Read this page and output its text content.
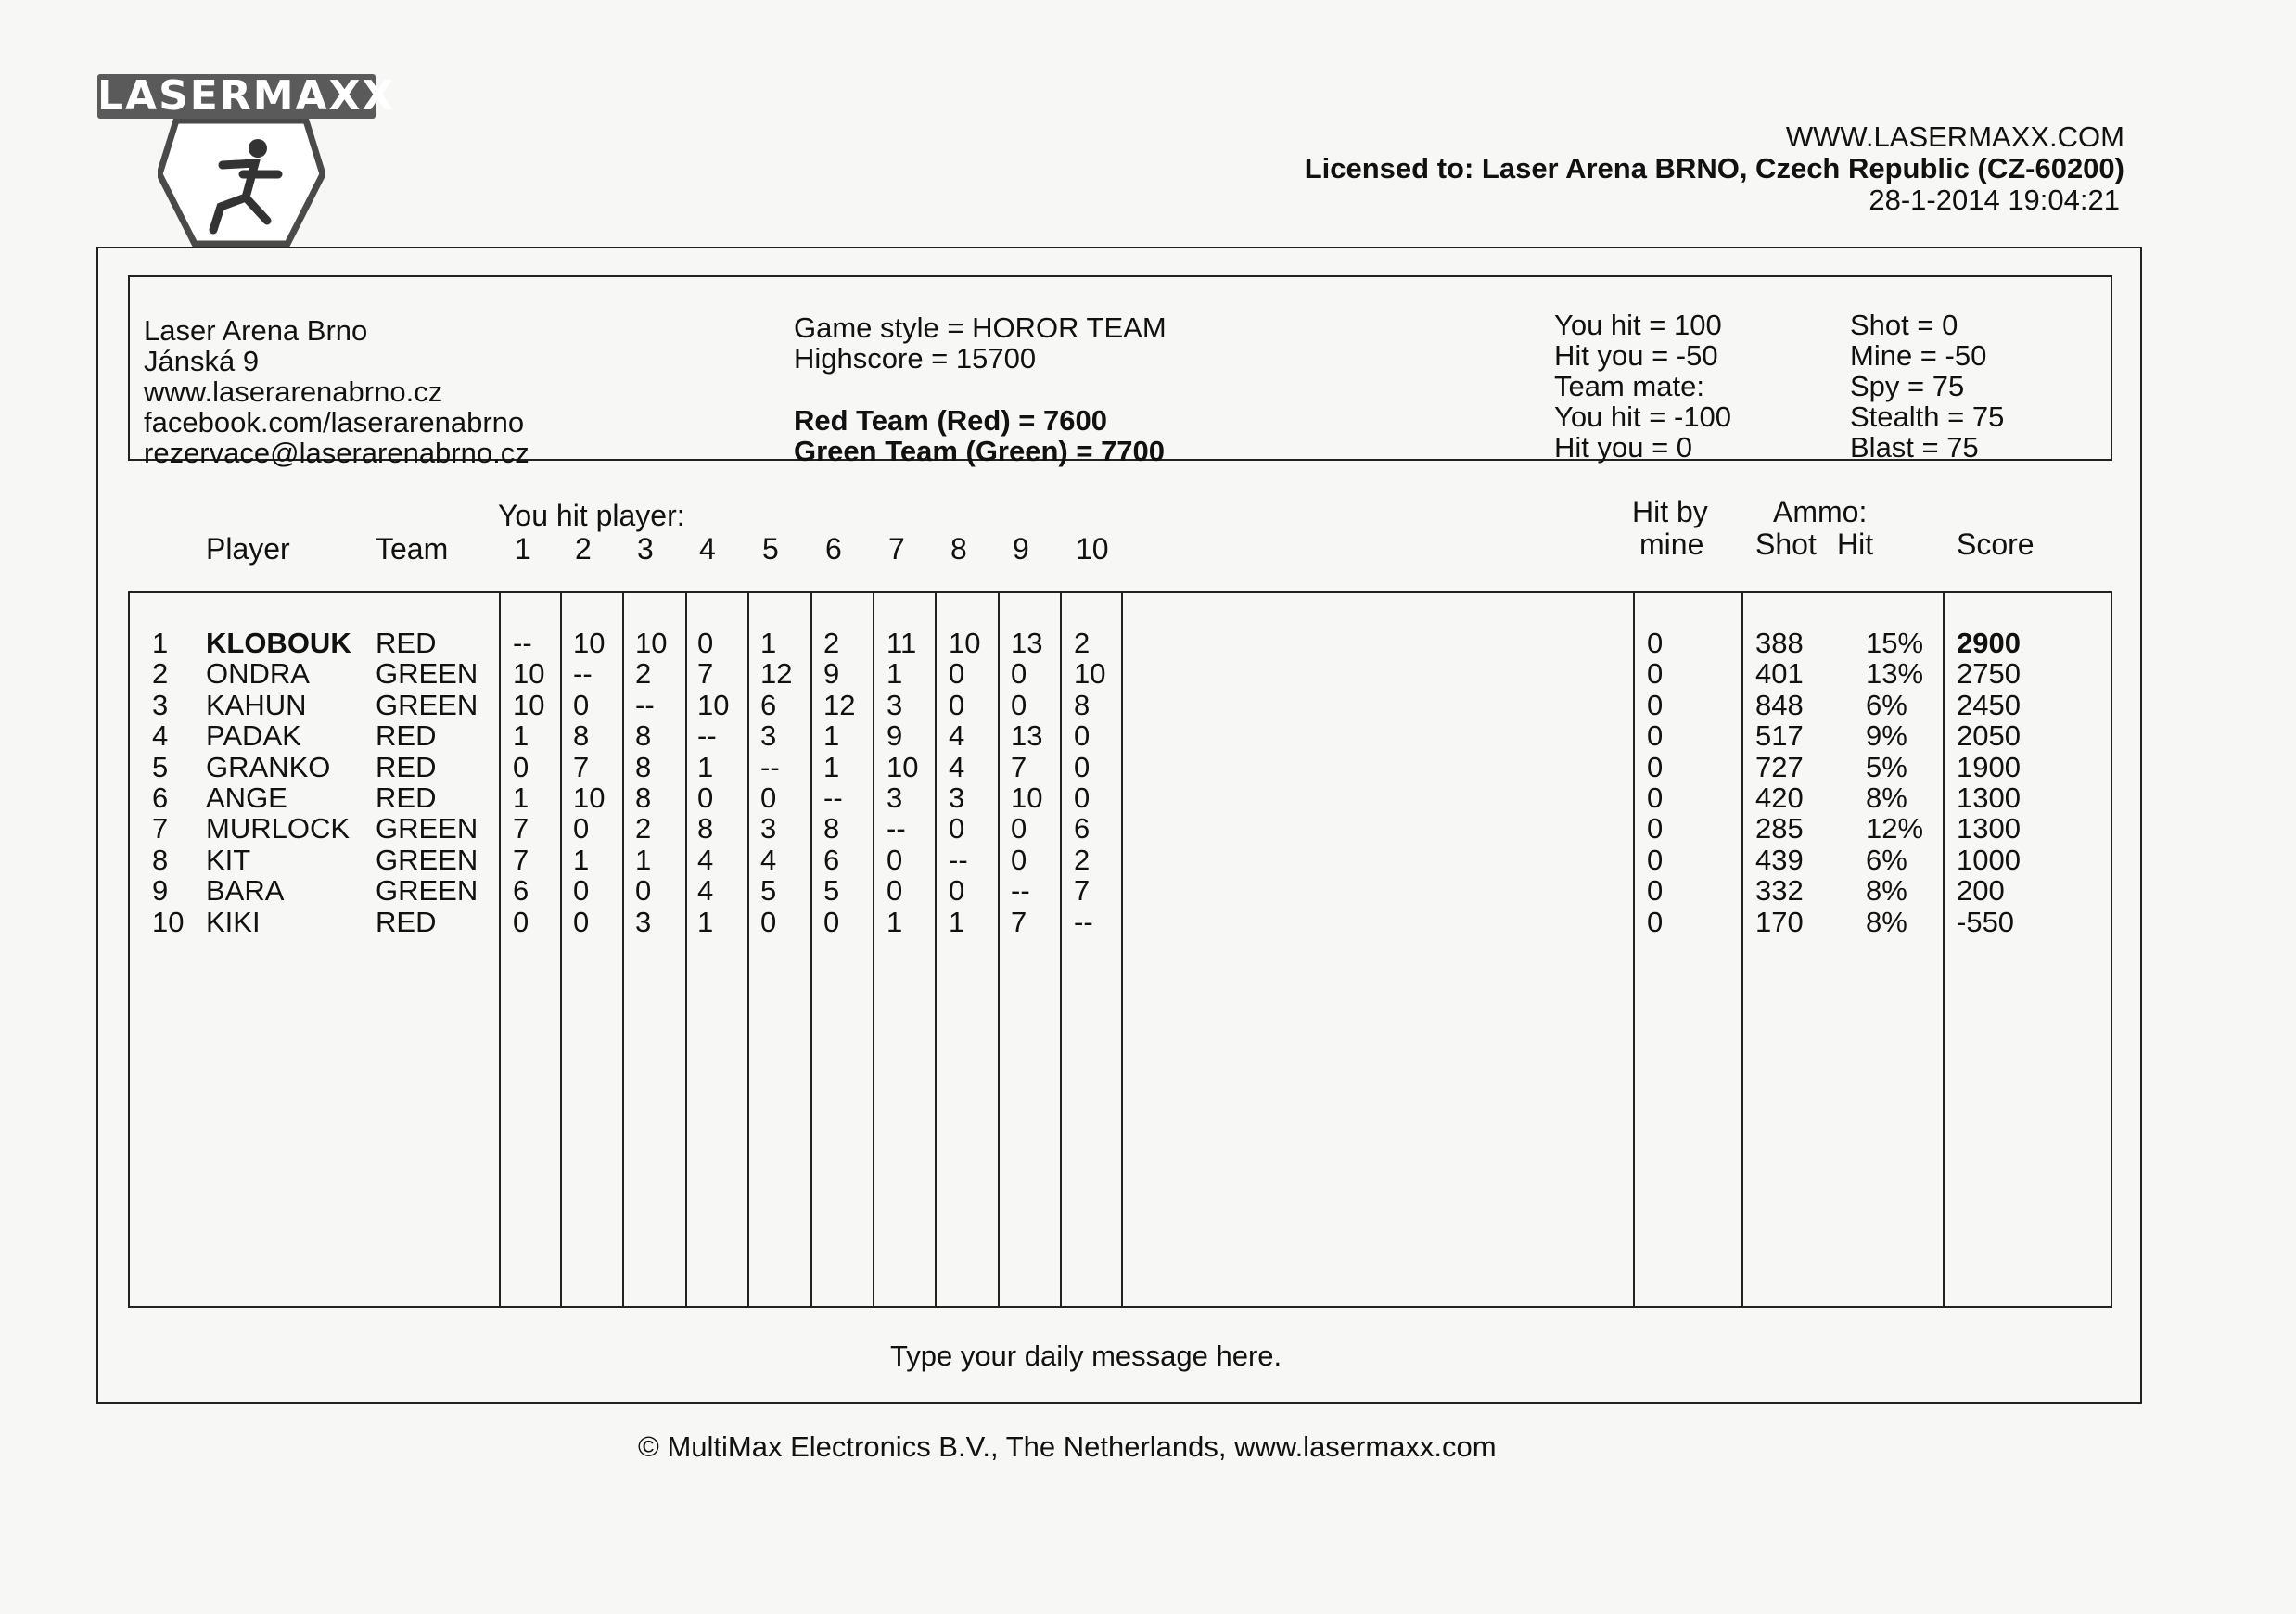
LASERMAXX
WWW.LASERMAXX.COM
Licensed to: Laser Arena BRNO, Czech Republic (CZ-60200)
28-1-2014 19:04:21
Laser Arena Brno
Jánská 9
www.laserarenabrno.cz
facebook.com/laserarenabrno
rezervace@laserarenabrno.cz
Game style = HOROR TEAM
Highscore = 15700
Red Team (Red) = 7600
Green Team (Green) = 7700
You hit = 100
Hit you = -50
Team mate:
You hit = -100
Hit you = 0
Shot = 0
Mine = -50
Spy = 75
Stealth = 75
Blast = 75
You hit player:
Player	Team 1 2 3 4 5 6 7 8 9 10
Hit by
mine
Ammo:
Shot Hit	Score
1 KLOBOUK RED	-- 10 10 0 1 2 11 10 13 2	0	388 15% 2900
2 ONDRA GREEN 10 -- 2 7 12 9 1 0 0 10	0	401 13% 2750
3 KAHUN GREEN 10 0 -- 10 6 12 3 0 0 8	0	848 6% 2450
4 PADAK	RED	1 8 8 -- 3 1 9 4 13 0	0	517 9% 2050
5 GRANKO RED	0 7 8 1 -- 1 10 4 7 0	0	727 5% 1900
6 ANGE	RED	1 10 8 0 0 -- 3 3 10 0	0	420 8% 1300
7 MURLOCK GREEN 7 0 2 8 3 8 -- 0 0 6	0	285 12% 1300
8 KIT	GREEN 7 1 1 4 4 6 0 -- 0 2	0	439 6% 1000
9 BARA	GREEN 6 0 0 4 5 5 0 0 -- 7	0	332 8% 200
10 KIKI	RED	0 0 3 1 0 0 1 1 7 --	0	170 8% -550
Type your daily message here.
© MultiMax Electronics B.V., The Netherlands, www.lasermaxx.com
